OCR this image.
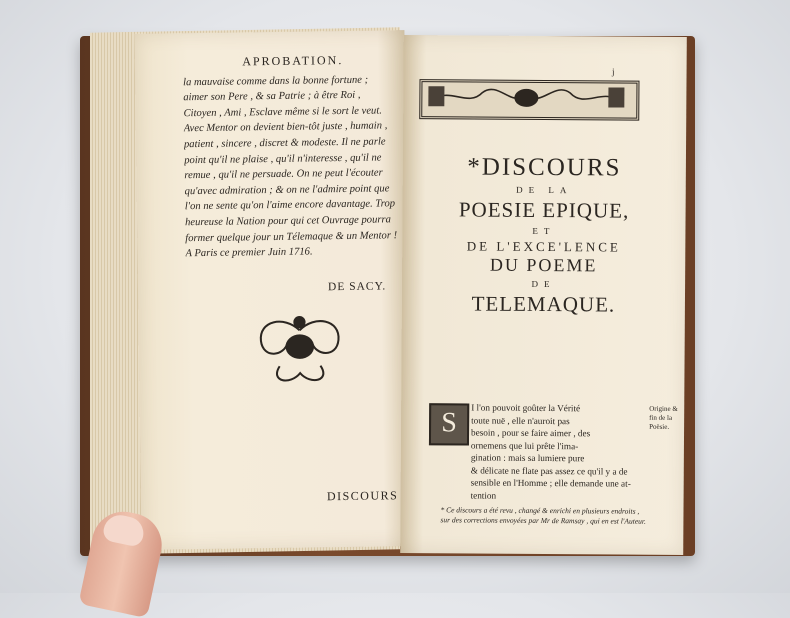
APROBATION.
la mauvaise comme dans la bonne fortune ;
aimer son Pere , & sa Patrie ; à être Roi ,
Citoyen , Ami , Esclave même si le sort le veut.
Avec Mentor on devient bien-tôt juste , humain ,
patient , sincere , discret & modeste. Il ne parle
point qu'il ne plaise , qu'il n'interesse , qu'il ne
remue , qu'il ne persuade. On ne peut l'écouter
qu'avec admiration ; & on ne l'admire point que
l'on ne sente qu'on l'aime encore davantage. Trop
heureuse la Nation pour qui cet Ouvrage pourra
former quelque jour un Télemaque & un Mentor !
A Paris ce premier Juin 1716.
DE SACY.
DISCOURS
j
*DISCOURS
DE LA
POESIE EPIQUE,
ET
DE L'EXCE'LENCE
DU POEME
DE
TELEMAQUE.
S	I l'on pouvoit goûter la Vérité
toute nuë , elle n'auroit pas
besoin , pour se faire aimer , des
ornemens que lui prête l'ima-
gination : mais sa lumiere pure
& délicate ne flate pas assez ce qu'il y a de
sensible en l'Homme ; elle demande une at-
tention
Origine & fin de la Poësie.
* Ce discours a été revu , changé & enrichi en plusieurs endroits , sur des corrections envoyées par Mr de Ramsay , qui en est l'Auteur.
